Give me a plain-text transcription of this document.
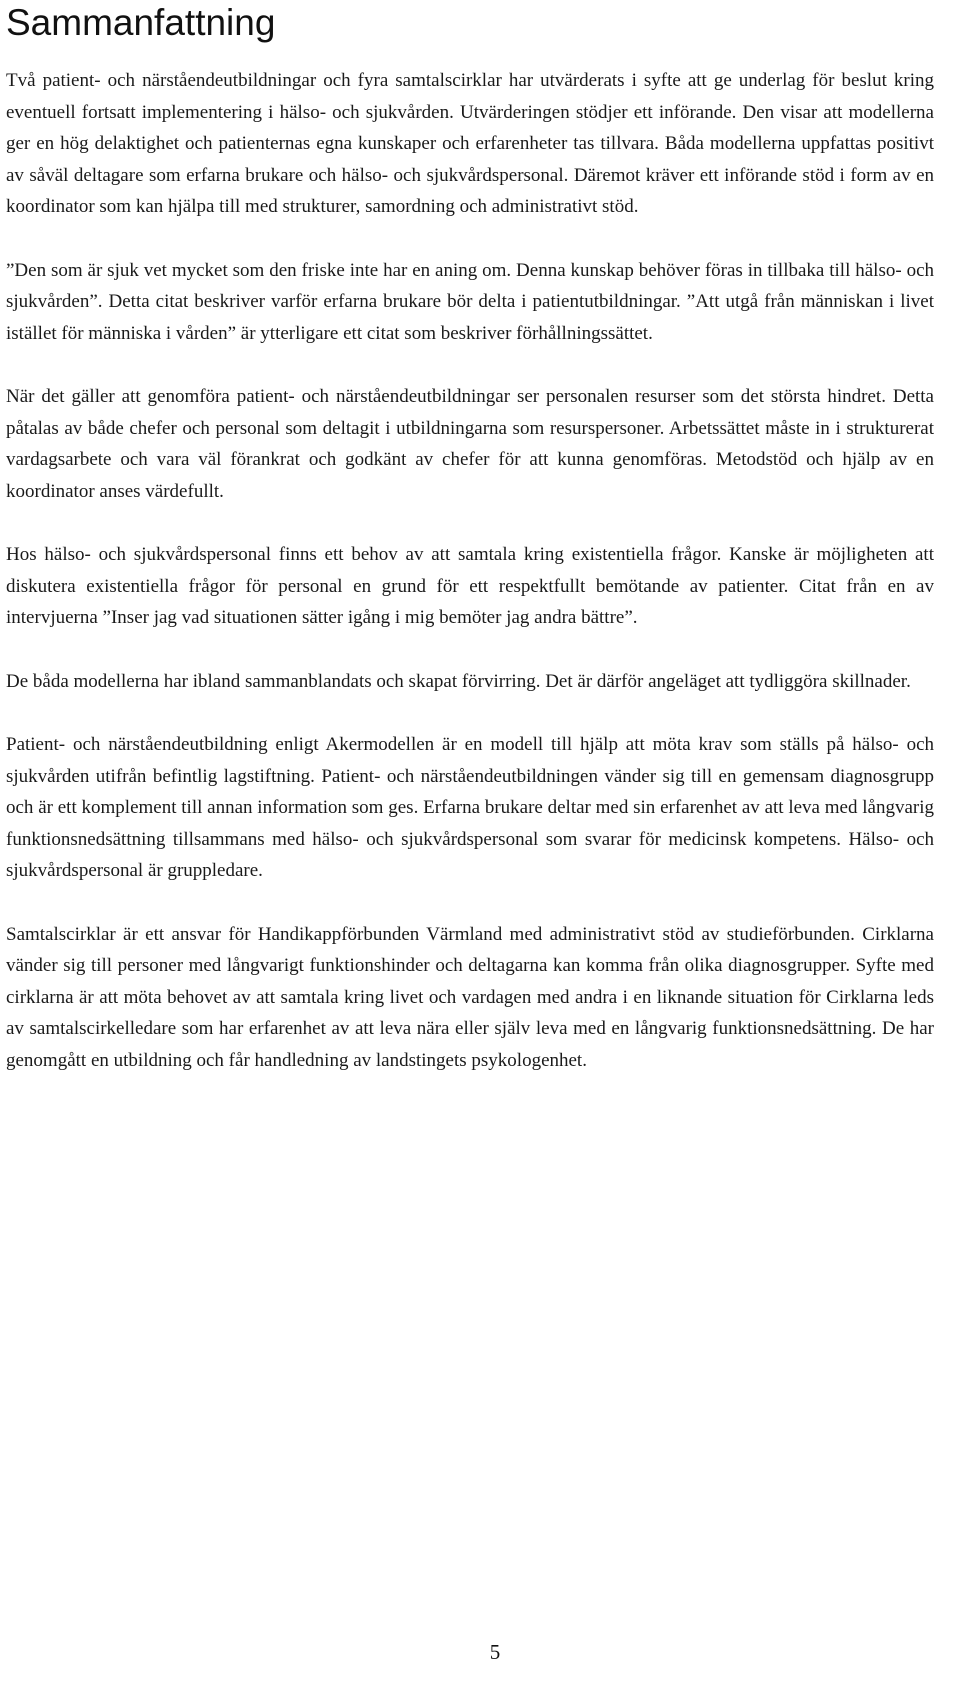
Sammanfattning

Två patient- och närståendeutbildningar och fyra samtalscirklar har utvärderats i syfte att ge underlag för beslut kring eventuell fortsatt implementering i hälso- och sjukvården. Utvärderingen stödjer ett införande. Den visar att modellerna ger en hög delaktighet och patienternas egna kunskaper och erfarenheter tas tillvara. Båda modellerna uppfattas positivt av såväl deltagare som erfarna brukare och hälso- och sjukvårdspersonal. Däremot kräver ett införande stöd i form av en koordinator som kan hjälpa till med strukturer, samordning och administrativt stöd.

”Den som är sjuk vet mycket som den friske inte har en aning om. Denna kunskap behöver föras in tillbaka till hälso- och sjukvården”. Detta citat beskriver varför erfarna brukare bör delta i patientutbildningar. ”Att utgå från människan i livet istället för människa i vården” är ytterligare ett citat som beskriver förhållningssättet.

När det gäller att genomföra patient- och närståendeutbildningar ser personalen resurser som det största hindret. Detta påtalas av både chefer och personal som deltagit i utbildningarna som resurspersoner. Arbetssättet måste in i strukturerat vardagsarbete och vara väl förankrat och godkänt av chefer för att kunna genomföras. Metodstöd och hjälp av en koordinator anses värdefullt.

Hos hälso- och sjukvårdspersonal finns ett behov av att samtala kring existentiella frågor. Kanske är möjligheten att diskutera existentiella frågor för personal en grund för ett respektfullt bemötande av patienter. Citat från en av intervjuerna ”Inser jag vad situationen sätter igång i mig bemöter jag andra bättre”.

De båda modellerna har ibland sammanblandats och skapat förvirring. Det är därför angeläget att tydliggöra skillnader.

Patient- och närståendeutbildning enligt Akermodellen är en modell till hjälp att möta krav som ställs på hälso- och sjukvården utifrån befintlig lagstiftning. Patient- och närståendeutbildningen vänder sig till en gemensam diagnosgrupp och är ett komplement till annan information som ges. Erfarna brukare deltar med sin erfarenhet av att leva med långvarig funktionsnedsättning tillsammans med hälso- och sjukvårdspersonal som svarar för medicinsk kompetens. Hälso- och sjukvårdspersonal är gruppledare.

Samtalscirklar är ett ansvar för Handikappförbunden Värmland med administrativt stöd av studieförbunden. Cirklarna vänder sig till personer med långvarigt funktionshinder och deltagarna kan komma från olika diagnosgrupper. Syfte med cirklarna är att möta behovet av att samtala kring livet och vardagen med andra i en liknande situation för Cirklarna leds av samtalscirkelledare som har erfarenhet av att leva nära eller själv leva med en långvarig funktionsnedsättning. De har genomgått en utbildning och får handledning av landstingets psykologenhet.

5
